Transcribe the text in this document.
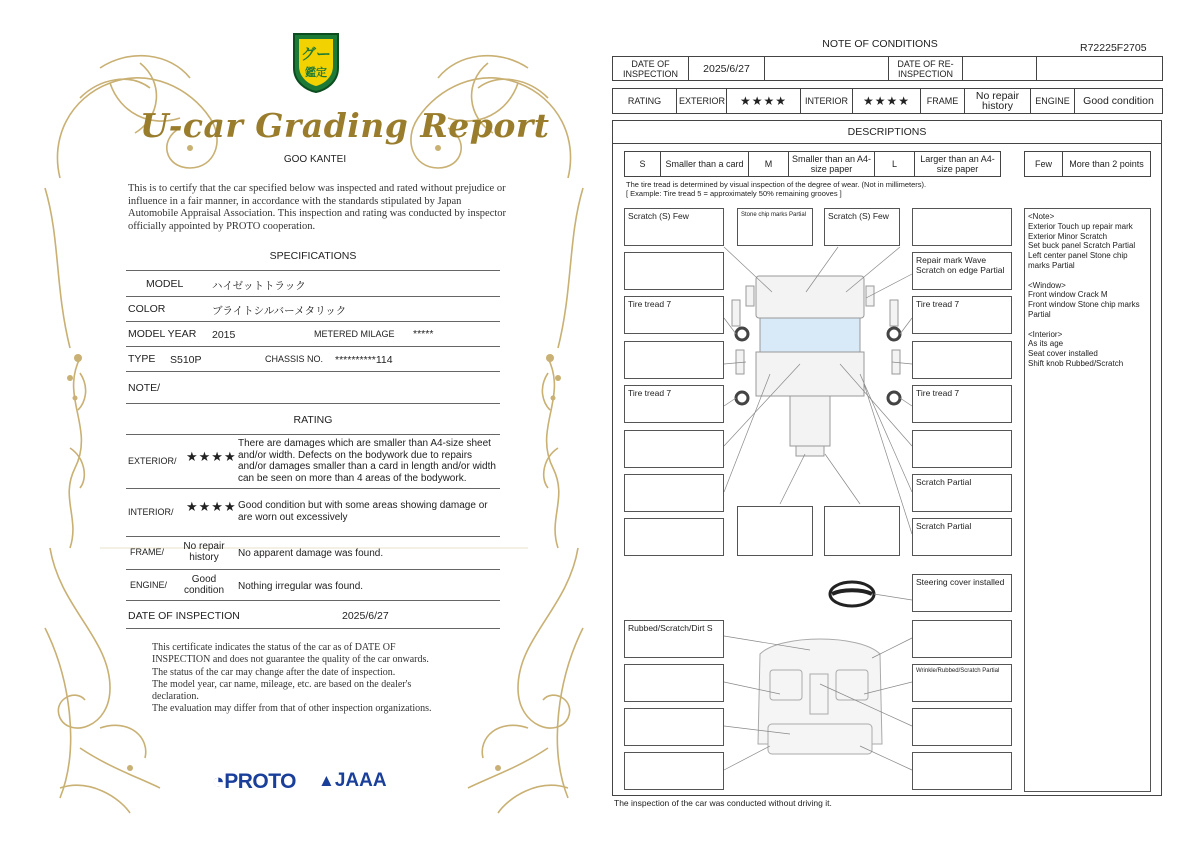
グー
鑑定
U-car Grading Report
GOO KANTEI
This is to certify that the car specified below was inspected and rated without prejudice or influence in a fair manner, in accordance with the standards stipulated by Japan Automobile Appraisal Association. This inspection and rating was conducted by inspector officially appointed by PROTO cooperation.
SPECIFICATIONS
MODEL	ハイゼットトラック
COLOR	ブライトシルバーメタリック
MODEL YEAR 2015	METERED MILAGE *****
TYPE S510P	CHASSIS NO. **********114
NOTE/
RATING
EXTERIOR/ ★★★★
There are damages which are smaller than A4-size sheet and/or width. Defects on the bodywork due to repairs and/or damages smaller than a card in length and/or width can be seen on more than 4 areas of the bodywork.
INTERIOR/ ★★★★ Good condition but with some areas showing damage or are worn out excessively
FRAME/	No repair history	No apparent damage was found.
ENGINE/	Good condition	Nothing irregular was found.
DATE OF INSPECTION	2025/6/27
This certificate indicates the status of the car as of DATE OF
INSPECTION and does not guarantee the quality of the car onwards.
The status of the car may change after the date of inspection.
The model year, car name, mileage, etc. are based on the dealer's
declaration.
The evaluation may differ from that of other inspection organizations.
◔PROTO ▲JAAA
NOTE OF CONDITIONS	R72225F2705
DATE OF INSPECTION	2025/6/27		DATE OF RE-INSPECTION		
RATING	EXTERIOR	★★★★	INTERIOR	★★★★	FRAME	No repair history	ENGINE	Good condition
DESCRIPTIONS
S	Smaller than a card	M	Smaller than an A4-size paper	L	Larger than an A4-size paper	Few	More than 2 points
The tire tread is determined by visual inspection of the degree of wear. (Not in millimeters).
[ Example: Tire tread 5 = approximately 50% remaining grooves ]
Scratch (S) Few
Tire tread 7
Tire tread 7
Rubbed/Scratch/Dirt S
Stone chip marks Partial	Scratch (S) Few
Repair mark Wave Scratch on edge Partial
Tire tread 7
Tire tread 7
Scratch Partial
Scratch Partial
Steering cover installed
Wrinkle/Rubbed/Scratch Partial
<Note>
Exterior Touch up repair mark
Exterior Minor Scratch
Set buck panel Scratch Partial
Left center panel Stone chip marks Partial
<Window>
Front window Crack M
Front window Stone chip marks Partial
<Interior>
As its age
Seat cover installed
Shift knob Rubbed/Scratch
The inspection of the car was conducted without driving it.
